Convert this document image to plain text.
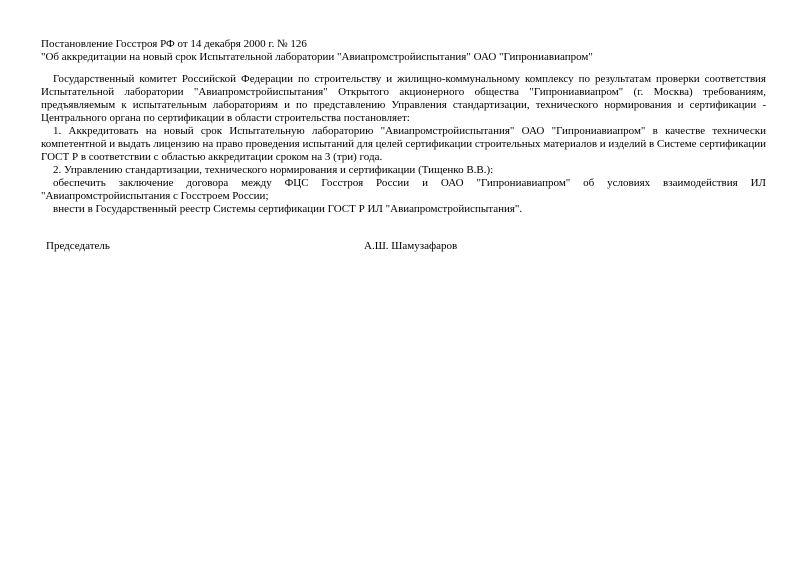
Постановление Госстроя РФ от 14 декабря 2000 г. № 126
"Об аккредитации на новый срок Испытательной лаборатории "Авиапромстройиспытания" ОАО "Гипрониавиапром"

Государственный комитет Российской Федерации по строительству и жилищно-коммунальному комплексу по результатам проверки соответствия Испытательной лаборатории "Авиапромстройиспытания" Открытого акционерного общества "Гипрониавиапром" (г. Москва) требованиям, предъявляемым к испытательным лабораториям и по представлению Управления стандартизации, технического нормирования и сертификации - Центрального органа по сертификации в области строительства постановляет:

1. Аккредитовать на новый срок Испытательную лабораторию "Авиапромстройиспытания" ОАО "Гипрониавиапром" в качестве технически компетентной и выдать лицензию на право проведения испытаний для целей сертификации строительных материалов и изделий в Системе сертификации ГОСТ Р в соответствии с областью аккредитации сроком на 3 (три) года.

2. Управлению стандартизации, технического нормирования и сертификации (Тищенко В.В.):

обеспечить заключение договора между ФЦС Госстроя России и ОАО "Гипрониавиапром" об условиях взаимодействия ИЛ "Авиапромстройиспытания с Госстроем России;

внести в Государственный реестр Системы сертификации ГОСТ Р ИЛ "Авиапромстройиспытания".

Председатель	А.Ш. Шамузафаров
